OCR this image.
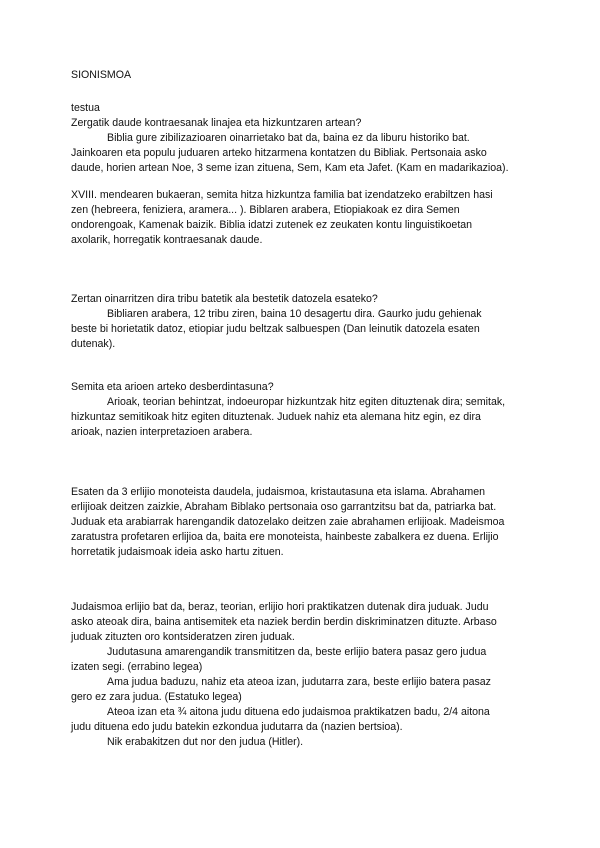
SIONISMOA
testua
Zergatik daude kontraesanak linajea eta hizkuntzaren artean?
Biblia gure zibilizazioaren oinarrietako bat da, baina ez da liburu historiko bat.
Jainkoaren eta populu juduaren arteko hitzarmena kontatzen du Bibliak. Pertsonaia asko
daude, horien artean Noe, 3 seme izan zituena, Sem, Kam eta Jafet. (Kam en madarikazioa).
XVIII. mendearen bukaeran, semita hitza hizkuntza familia bat izendatzeko erabiltzen hasi
zen (hebreera, feniziera, aramera... ). Biblaren arabera, Etiopiakoak ez dira Semen
ondorengoak, Kamenak baizik. Biblia idatzi zutenek ez zeukaten kontu linguistikoetan
axolarik, horregatik kontraesanak daude.
Zertan oinarritzen dira tribu batetik ala bestetik datozela esateko?
Bibliaren arabera, 12 tribu ziren, baina 10 desagertu dira. Gaurko judu gehienak
beste bi horietatik datoz, etiopiar judu beltzak salbuespen (Dan leinutik datozela esaten
dutenak).
Semita eta arioen arteko desberdintasuna?
Arioak, teorian behintzat, indoeuropar hizkuntzak hitz egiten dituztenak dira; semitak,
hizkuntaz semitikoak hitz egiten dituztenak. Juduek nahiz eta alemana hitz egin, ez dira
arioak, nazien interpretazioen arabera.
Esaten da 3 erlijio monoteista daudela, judaismoa, kristautasuna eta islama. Abrahamen
erlijioak deitzen zaizkie, Abraham Biblako pertsonaia oso garrantzitsu bat da, patriarka bat.
Juduak eta arabiarrak harengandik datozelako deitzen zaie abrahamen erlijioak. Madeismoa
zaratustra profetaren erlijioa da, baita ere monoteista, hainbeste zabalkera ez duena. Erlijio
horretatik judaismoak ideia asko hartu zituen.
Judaismoa erlijio bat da, beraz, teorian, erlijio hori praktikatzen dutenak dira juduak. Judu
asko ateoak dira, baina antisemitek eta naziek berdin berdin diskriminatzen dituzte. Arbaso
juduak zituzten oro kontsideratzen ziren juduak.
Judutasuna amarengandik transmititzen da, beste erlijio batera pasaz gero judua
izaten segi. (errabino legea)
Ama judua baduzu, nahiz eta ateoa izan, judutarra zara, beste erlijio batera pasaz
gero ez zara judua. (Estatuko legea)
Ateoa izan eta ¾ aitona judu dituena edo judaismoa praktikatzen badu, 2/4 aitona
judu dituena edo judu batekin ezkondua judutarra da (nazien bertsioa).
Nik erabakitzen dut nor den judua (Hitler).
